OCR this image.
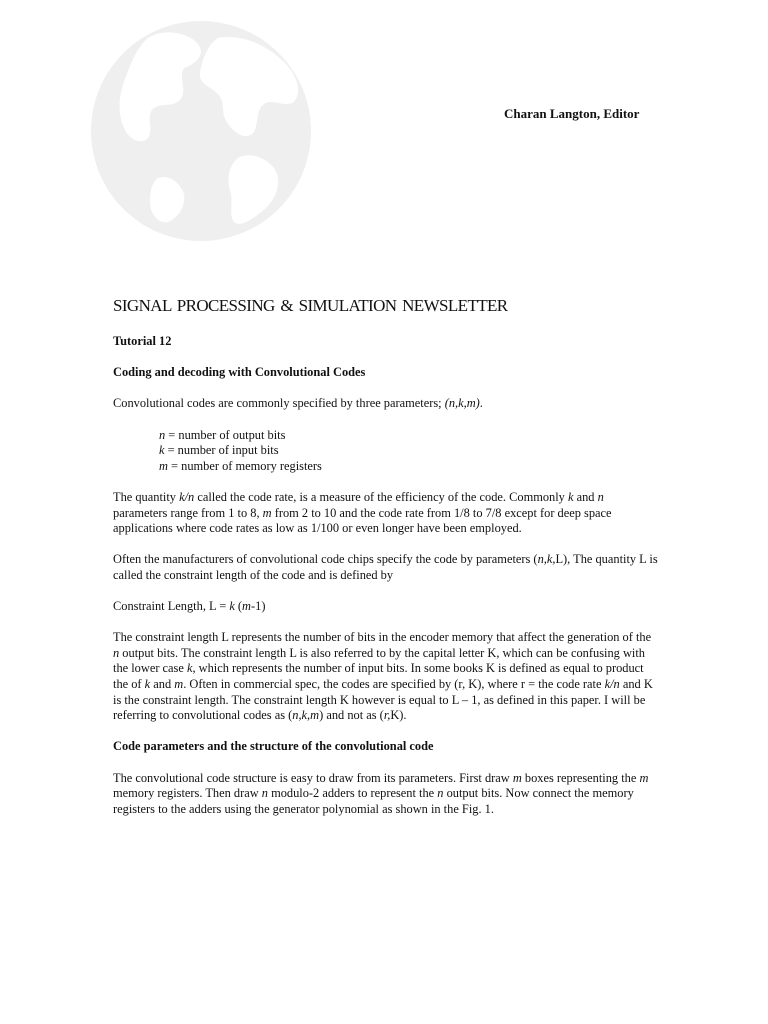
Charan Langton, Editor
SIGNAL PROCESSING & SIMULATION NEWSLETTER

Tutorial 12

Coding and decoding with Convolutional Codes

Convolutional codes are commonly specified by three parameters; (n,k,m).

n = number of output bits
k = number of input bits
m = number of memory registers

The quantity k/n called the code rate, is a measure of the efficiency of the code. Commonly k and n parameters range from 1 to 8, m from 2 to 10 and the code rate from 1/8 to 7/8 except for deep space applications where code rates as low as 1/100 or even longer have been employed.

Often the manufacturers of convolutional code chips specify the code by parameters (n,k,L), The quantity L is called the constraint length of the code and is defined by

Constraint Length, L = k (m-1)

The constraint length L represents the number of bits in the encoder memory that affect the generation of the n output bits. The constraint length L is also referred to by the capital letter K, which can be confusing with the lower case k, which represents the number of input bits. In some books K is defined as equal to product the of k and m. Often in commercial spec, the codes are specified by (r, K), where r = the code rate k/n and K is the constraint length. The constraint length K however is equal to L – 1, as defined in this paper. I will be referring to convolutional codes as (n,k,m) and not as (r,K).

Code parameters and the structure of the convolutional code

The convolutional code structure is easy to draw from its parameters. First draw m boxes representing the m memory registers. Then draw n modulo-2 adders to represent the n output bits. Now connect the memory registers to the adders using the generator polynomial as shown in the Fig. 1.
